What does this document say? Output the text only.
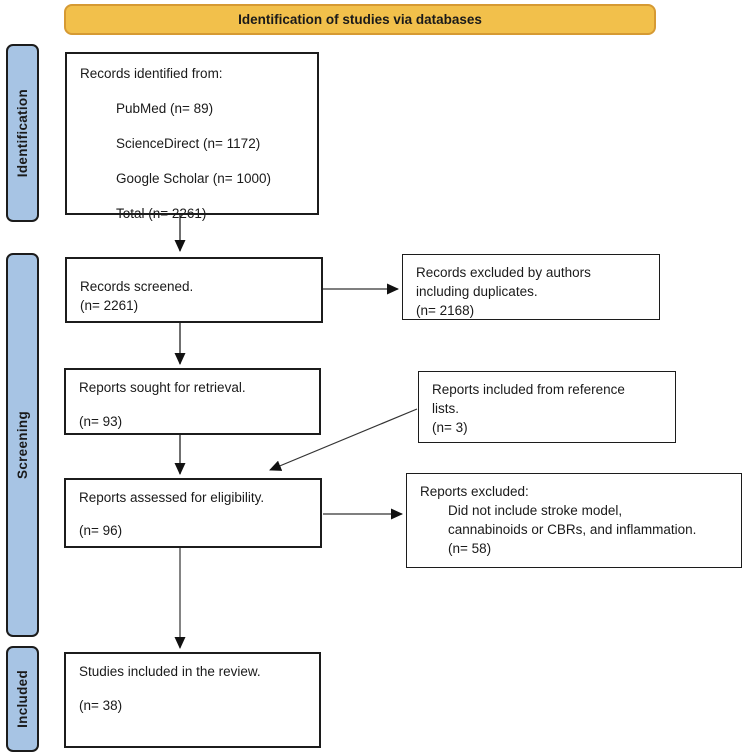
Identification of studies via databases
Identification
Screening
Included
Records identified from:
PubMed (n= 89)
ScienceDirect (n= 1172)
Google Scholar (n= 1000)
Total (n= 2261)
Records screened.
(n= 2261)
Reports sought for retrieval.
(n= 93)
Reports assessed for eligibility.
(n= 96)
Studies included in the review.
(n= 38)
Records excluded by authors
including duplicates.
(n= 2168)
Reports included from reference
lists.
(n= 3)
Reports excluded:
Did not include stroke model,
cannabinoids or CBRs, and inflammation.
(n= 58)
